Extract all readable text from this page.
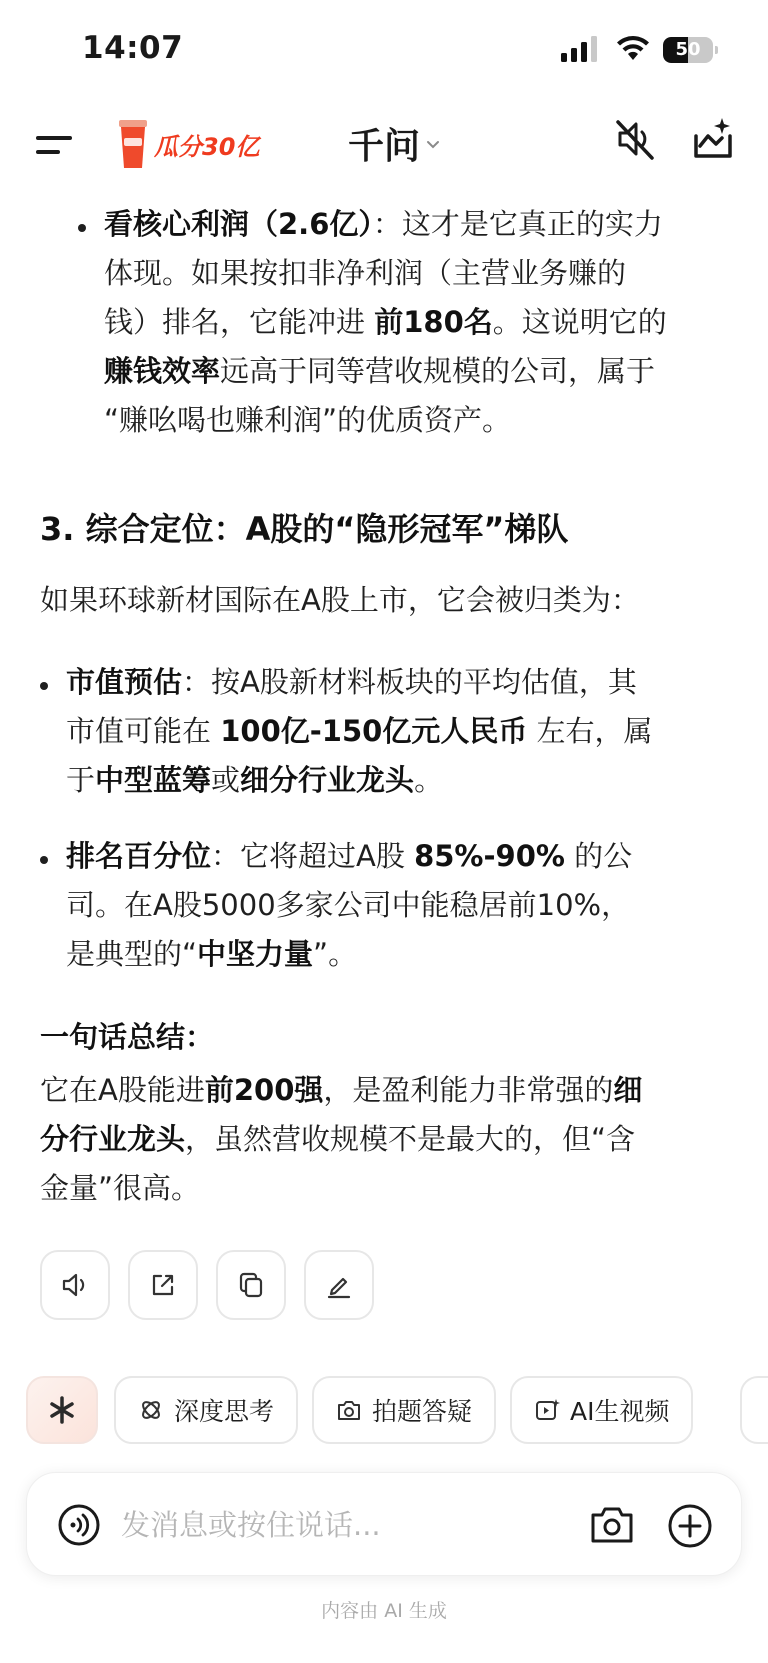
14:07	50
瓜分30亿 千问
看核心利润（2.6亿）：这才是它真正的实力
体现。如果按扣非净利润（主营业务赚的
钱）排名，它能冲进 前180名。这说明它的
赚钱效率远高于同等营收规模的公司，属于
“赚吆喝也赚利润”的优质资产。
3. 综合定位：A股的“隐形冠军”梯队
如果环球新材国际在A股上市，它会被归类为：
市值预估：按A股新材料板块的平均估值，其
市值可能在 100亿-150亿元人民币 左右，属
于中型蓝筹或细分行业龙头。
排名百分位：它将超过A股 85%-90% 的公
司。在A股5000多家公司中能稳居前10%，
是典型的“中坚力量”。
一句话总结：
它在A股能进前200强，是盈利能力非常强的细
分行业龙头，虽然营收规模不是最大的，但“含
金量”很高。
深度思考	拍题答疑	AI生视频
发消息或按住说话...
内容由 AI 生成
